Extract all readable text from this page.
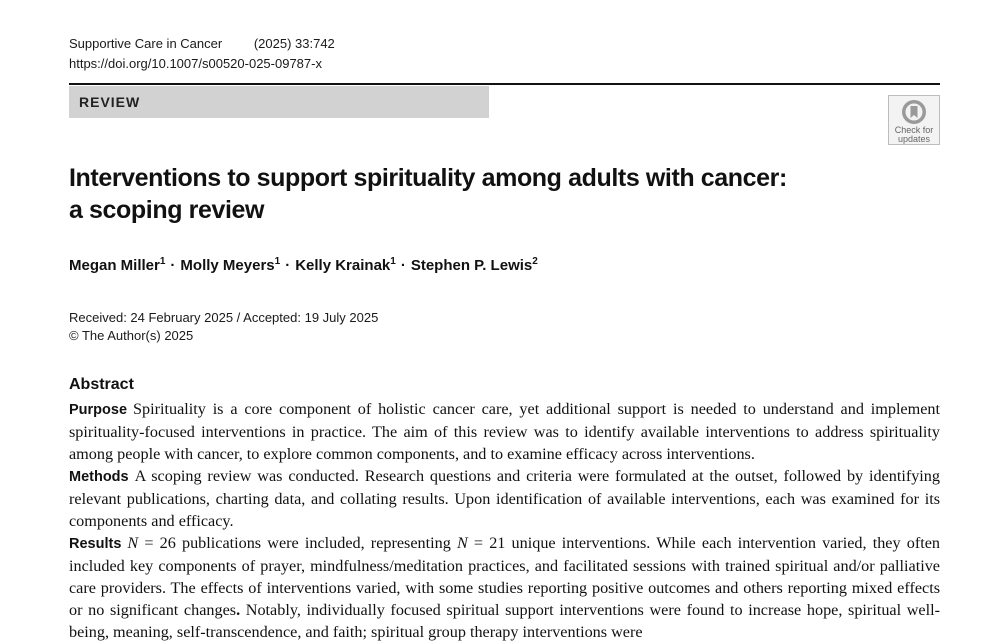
Supportive Care in Cancer (2025) 33:742
https://doi.org/10.1007/s00520-025-09787-x
REVIEW
Check for
updates
Interventions to support spirituality among adults with cancer:
a scoping review
Megan Miller$^1$ · Molly Meyers$^1$ · Kelly Krainak$^1$ · Stephen P. Lewis$^2$
Received: 24 February 2025 / Accepted: 19 July 2025
© The Author(s) 2025
Abstract

Purpose Spirituality is a core component of holistic cancer care, yet additional support is needed to understand and implement spirituality-focused interventions in practice. The aim of this review was to identify available interventions to address spirituality among people with cancer, to explore common components, and to examine efficacy across interventions.

Methods A scoping review was conducted. Research questions and criteria were formulated at the outset, followed by identifying relevant publications, charting data, and collating results. Upon identification of available interventions, each was examined for its components and efficacy.

Results N = 26 publications were included, representing N = 21 unique interventions. While each intervention varied, they often included key components of prayer, mindfulness/meditation practices, and facilitated sessions with trained spiritual and/or palliative care providers. The effects of interventions varied, with some studies reporting positive outcomes and others reporting mixed effects or no significant changes. Notably, individually focused spiritual support interventions were found to increase hope, spiritual well-being, meaning, self-transcendence, and faith; spiritual group therapy interventions were
